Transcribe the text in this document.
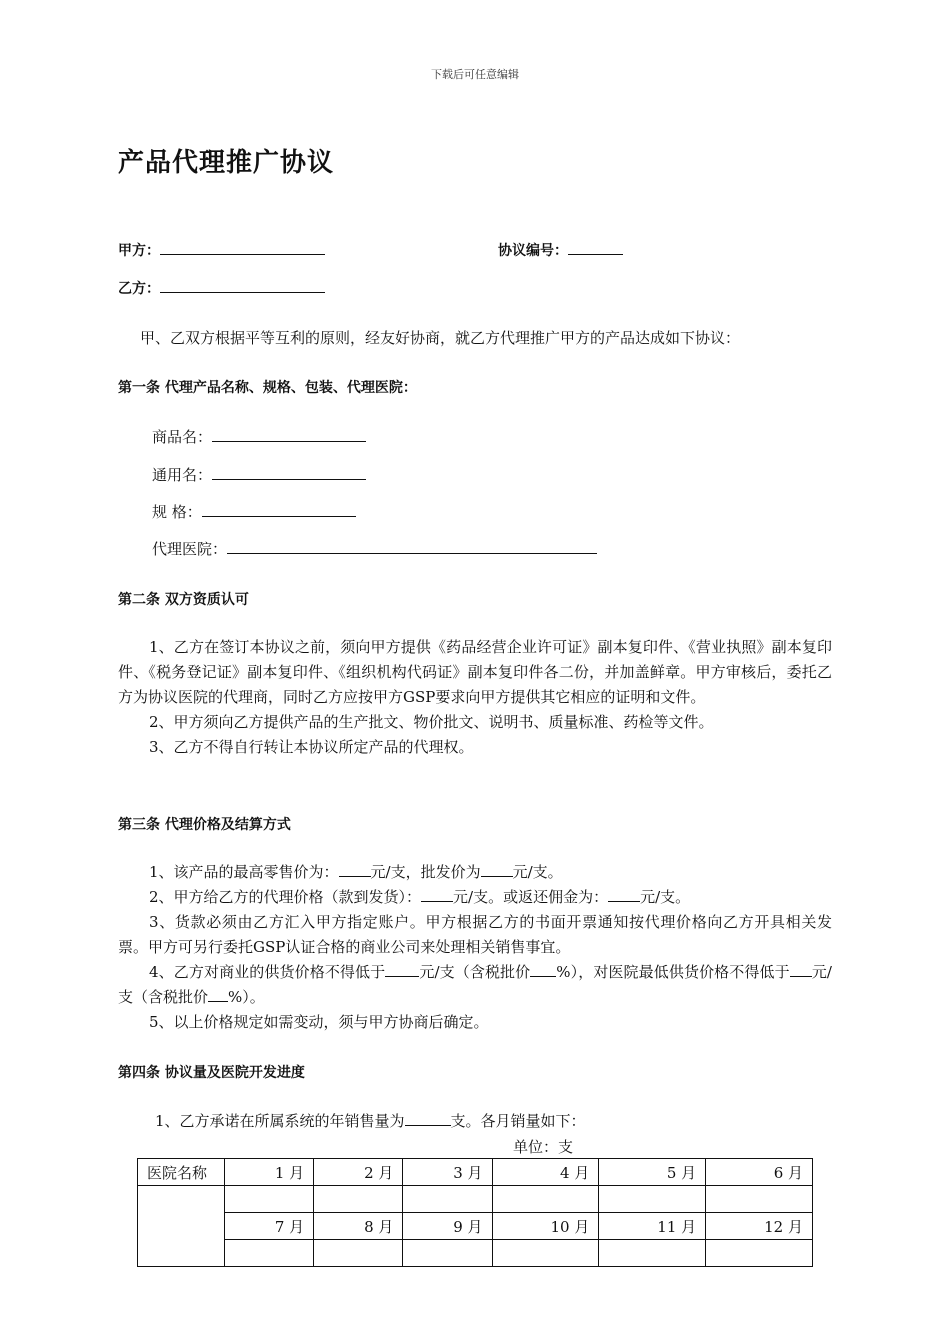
下载后可任意编辑
产品代理推广协议
甲方：	协议编号：
乙方：
甲、乙双方根据平等互利的原则，经友好协商，就乙方代理推广甲方的产品达成如下协议：
第一条 代理产品名称、规格、包装、代理医院：
商品名：
通用名：
规 格：
代理医院：
第二条 双方资质认可

1、乙方在签订本协议之前，须向甲方提供《药品经营企业许可证》副本复印件、《营业执照》副本复印件、《税务登记证》副本复印件、《组织机构代码证》副本复印件各二份，并加盖鲜章。甲方审核后，委托乙方为协议医院的代理商，同时乙方应按甲方GSP要求向甲方提供其它相应的证明和文件。

2、甲方须向乙方提供产品的生产批文、物价批文、说明书、质量标准、药检等文件。

3、乙方不得自行转让本协议所定产品的代理权。

第三条 代理价格及结算方式

1、该产品的最高零售价为： 元/支，批发价为 元/支。

2、甲方给乙方的代理价格（款到发货）： 元/支。或返还佣金为： 元/支。

3、货款必须由乙方汇入甲方指定账户。甲方根据乙方的书面开票通知按代理价格向乙方开具相关发票。甲方可另行委托GSP认证合格的商业公司来处理相关销售事宜。

4、乙方对商业的供货价格不得低于 元/支（含税批价 %），对医院最低供货价格不得低于 元/支（含税批价 %）。

5、以上价格规定如需变动，须与甲方协商后确定。

第四条 协议量及医院开发进度
1、乙方承诺在所属系统的年销售量为	支。各月销量如下：
单位：支
医院名称	1 月	2 月	3 月	4 月	5 月	6 月

	7 月	8 月	9 月	10 月	11 月	12 月
